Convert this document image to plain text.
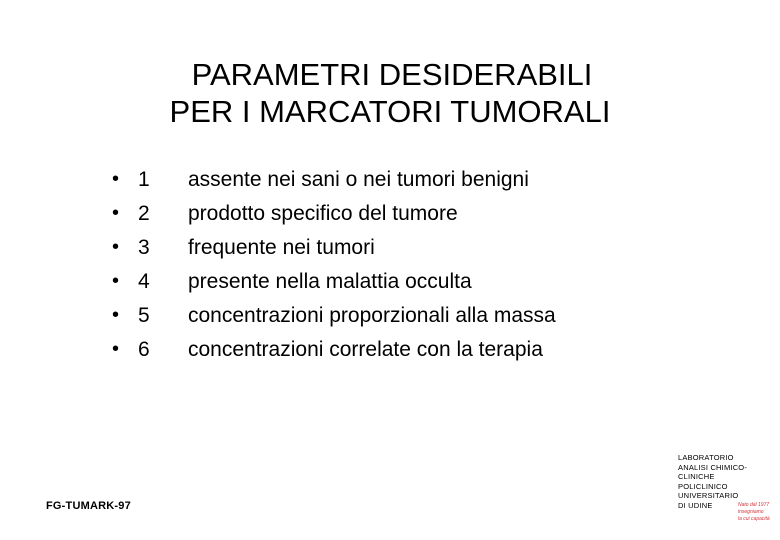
PARAMETRI DESIDERABILI
PER I MARCATORI TUMORALI
• 1 assente nei sani o nei tumori benigni
• 2 prodotto specifico del tumore
• 3 frequente nei tumori
• 4 presente nella malattia occulta
• 5 concentrazioni proporzionali alla massa
• 6 concentrazioni correlate con la terapia
FG-TUMARK-97
LABORATORIO
ANALISI CHIMICO-
CLINICHE
POLICLINICO
UNIVERSITARIO
DI UDINE	Nato dal 1977
insegniamo
la cui capacità
